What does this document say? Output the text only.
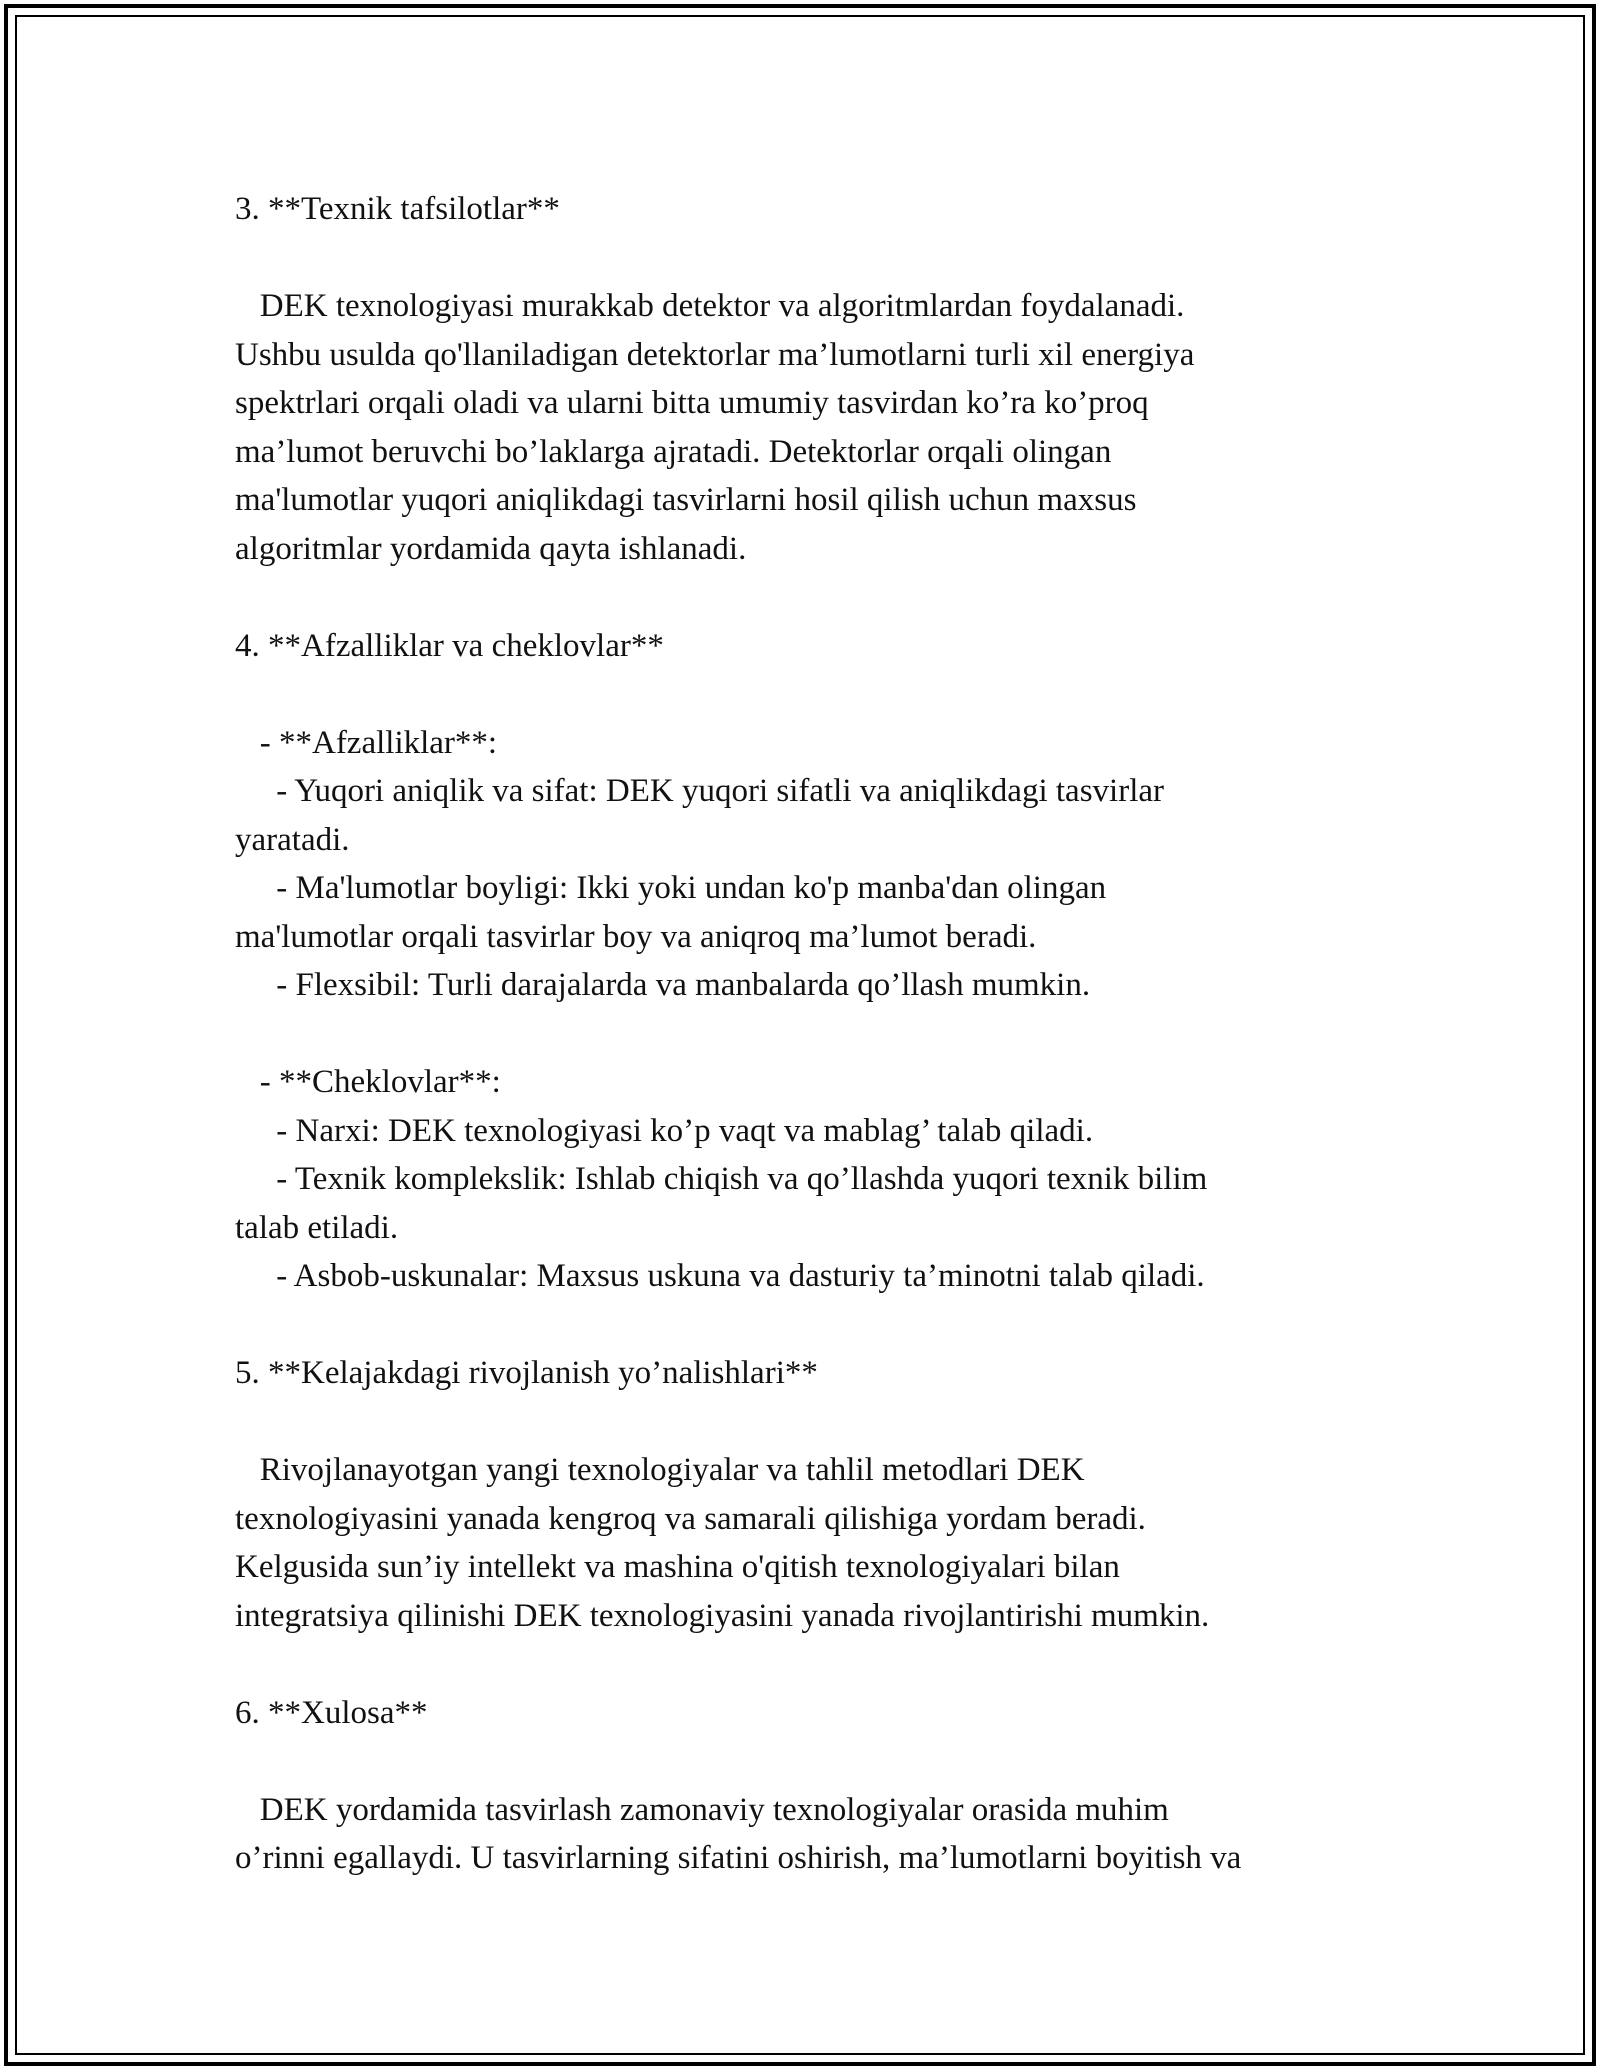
3. **Texnik tafsilotlar**
DEK texnologiyasi murakkab detektor va algoritmlardan foydalanadi.
Ushbu usulda qo'llaniladigan detektorlar ma’lumotlarni turli xil energiya
spektrlari orqali oladi va ularni bitta umumiy tasvirdan ko’ra ko’proq
ma’lumot beruvchi bo’laklarga ajratadi. Detektorlar orqali olingan
ma'lumotlar yuqori aniqlikdagi tasvirlarni hosil qilish uchun maxsus
algoritmlar yordamida qayta ishlanadi.
4. **Afzalliklar va cheklovlar**
- **Afzalliklar**:
- Yuqori aniqlik va sifat: DEK yuqori sifatli va aniqlikdagi tasvirlar
yaratadi.
- Ma'lumotlar boyligi: Ikki yoki undan ko'p manba'dan olingan
ma'lumotlar orqali tasvirlar boy va aniqroq ma’lumot beradi.
- Flexsibil: Turli darajalarda va manbalarda qo’llash mumkin.
- **Cheklovlar**:
- Narxi: DEK texnologiyasi ko’p vaqt va mablag’ talab qiladi.
- Texnik komplekslik: Ishlab chiqish va qo’llashda yuqori texnik bilim
talab etiladi.
- Asbob-uskunalar: Maxsus uskuna va dasturiy ta’minotni talab qiladi.
5. **Kelajakdagi rivojlanish yo’nalishlari**
Rivojlanayotgan yangi texnologiyalar va tahlil metodlari DEK
texnologiyasini yanada kengroq va samarali qilishiga yordam beradi.
Kelgusida sun’iy intellekt va mashina o'qitish texnologiyalari bilan
integratsiya qilinishi DEK texnologiyasini yanada rivojlantirishi mumkin.
6. **Xulosa**
DEK yordamida tasvirlash zamonaviy texnologiyalar orasida muhim
o’rinni egallaydi. U tasvirlarning sifatini oshirish, ma’lumotlarni boyitish va
